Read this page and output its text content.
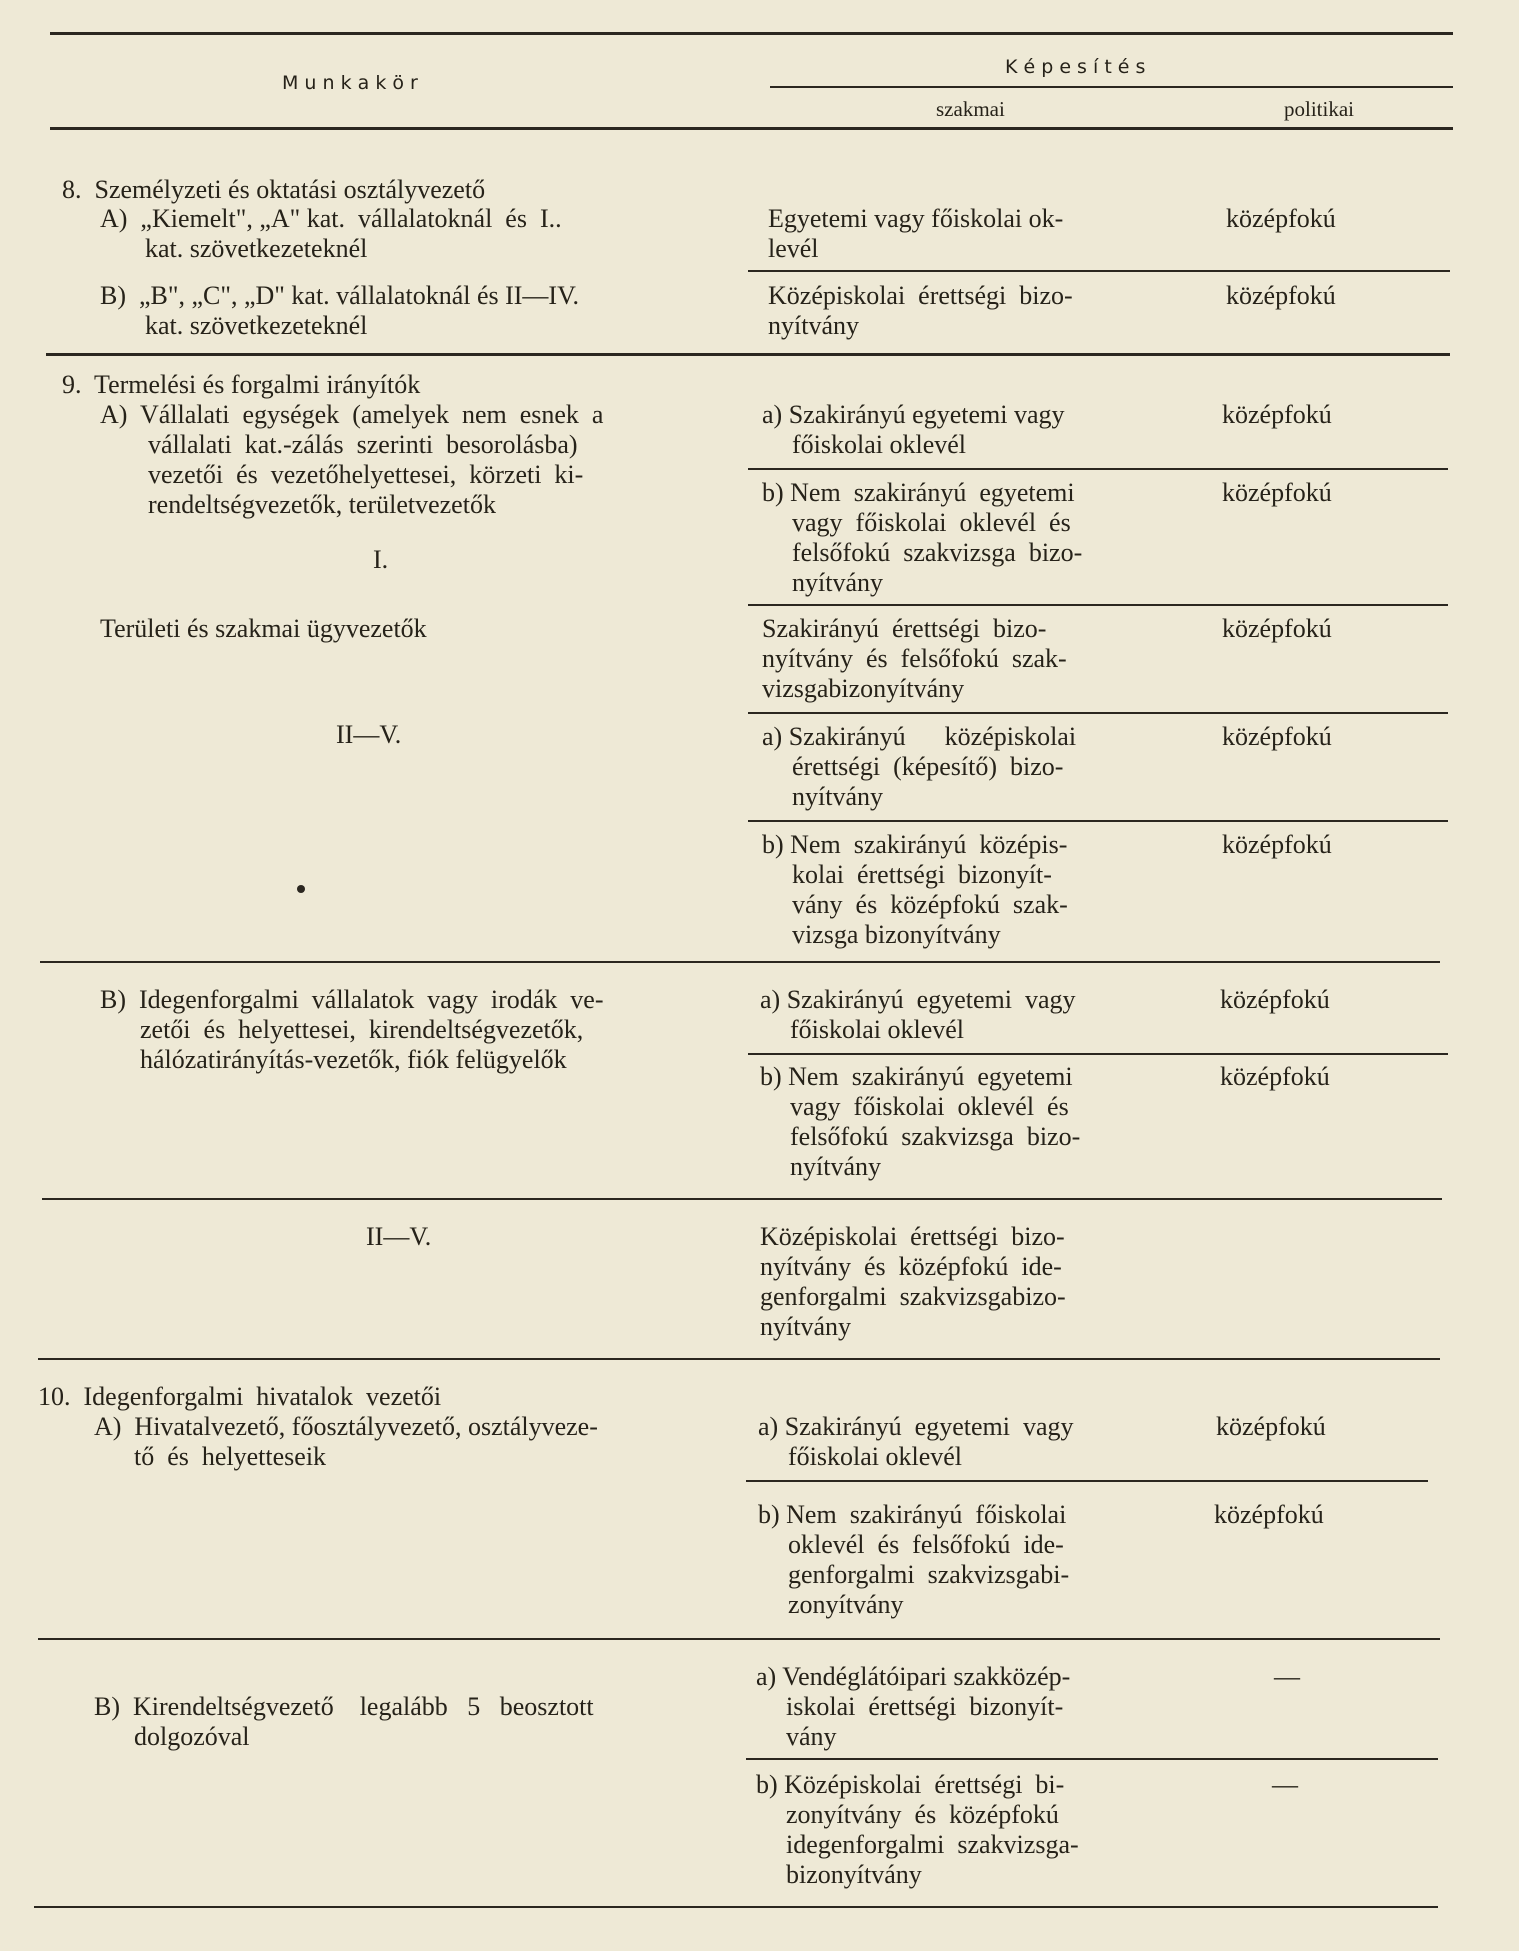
M u n k a k ö r
K é p e s í t é s
szakmai	politikai
8.  Személyzeti és oktatási osztályvezető
A)  „Kiemelt", „A" kat.  vállalatoknál  és  I..
kat. szövetkezeteknél
Egyetemi vagy főiskolai ok-
levél
középfokú
B)  „B", „C", „D" kat. vállalatoknál és II—IV.
kat. szövetkezeteknél
Középiskolai  érettségi  bizo-
nyítvány
középfokú
9.  Termelési és forgalmi irányítók
A)  Vállalati  egységek  (amelyek  nem  esnek  a
vállalati  kat.-zálás  szerinti  besorolásba)
vezetői  és  vezetőhelyettesei,  körzeti  ki-
rendeltségvezetők, területvezetők
I.
Területi és szakmai ügyvezetők
II—V.
a) Szakirányú egyetemi vagy
főiskolai oklevél
középfokú
b) Nem  szakirányú  egyetemi
vagy  főiskolai  oklevél  és
felsőfokú  szakvizsga  bizo-
nyítvány
középfokú
Szakirányú  érettségi  bizo-
nyítvány  és  felsőfokú  szak-
vizsgabizonyítvány
középfokú
a) Szakirányú      középiskolai
érettségi  (képesítő)  bizo-
nyítvány
középfokú
b) Nem  szakirányú  középis-
kolai  érettségi  bizonyít-
vány  és  középfokú  szak-
vizsga bizonyítvány
középfokú
B)  Idegenforgalmi  vállalatok  vagy  irodák  ve-
zetői  és  helyettesei,  kirendeltségvezetők,
hálózatirányítás-vezetők, fiók felügyelők
a) Szakirányú  egyetemi  vagy
főiskolai oklevél
középfokú
b) Nem  szakirányú  egyetemi
vagy  főiskolai  oklevél  és
felsőfokú  szakvizsga  bizo-
nyítvány
középfokú
II—V.	Középiskolai  érettségi  bizo-
nyítvány  és  középfokú  ide-
genforgalmi  szakvizsgabizo-
nyítvány
10.  Idegenforgalmi  hivatalok  vezetői
A)  Hivatalvezető, főosztályvezető, osztályveze-
tő  és  helyetteseik
a) Szakirányú  egyetemi  vagy
főiskolai oklevél
középfokú
b) Nem  szakirányú  főiskolai
oklevél  és  felsőfokú  ide-
genforgalmi  szakvizsgabi-
zonyítvány
középfokú
B)  Kirendeltségvezető    legalább   5   beosztott
dolgozóval
a) Vendéglátóipari szakközép-
iskolai  érettségi  bizonyít-
vány
—
b) Középiskolai  érettségi  bi-
zonyítvány  és  középfokú
idegenforgalmi  szakvizsga-
bizonyítvány
—
